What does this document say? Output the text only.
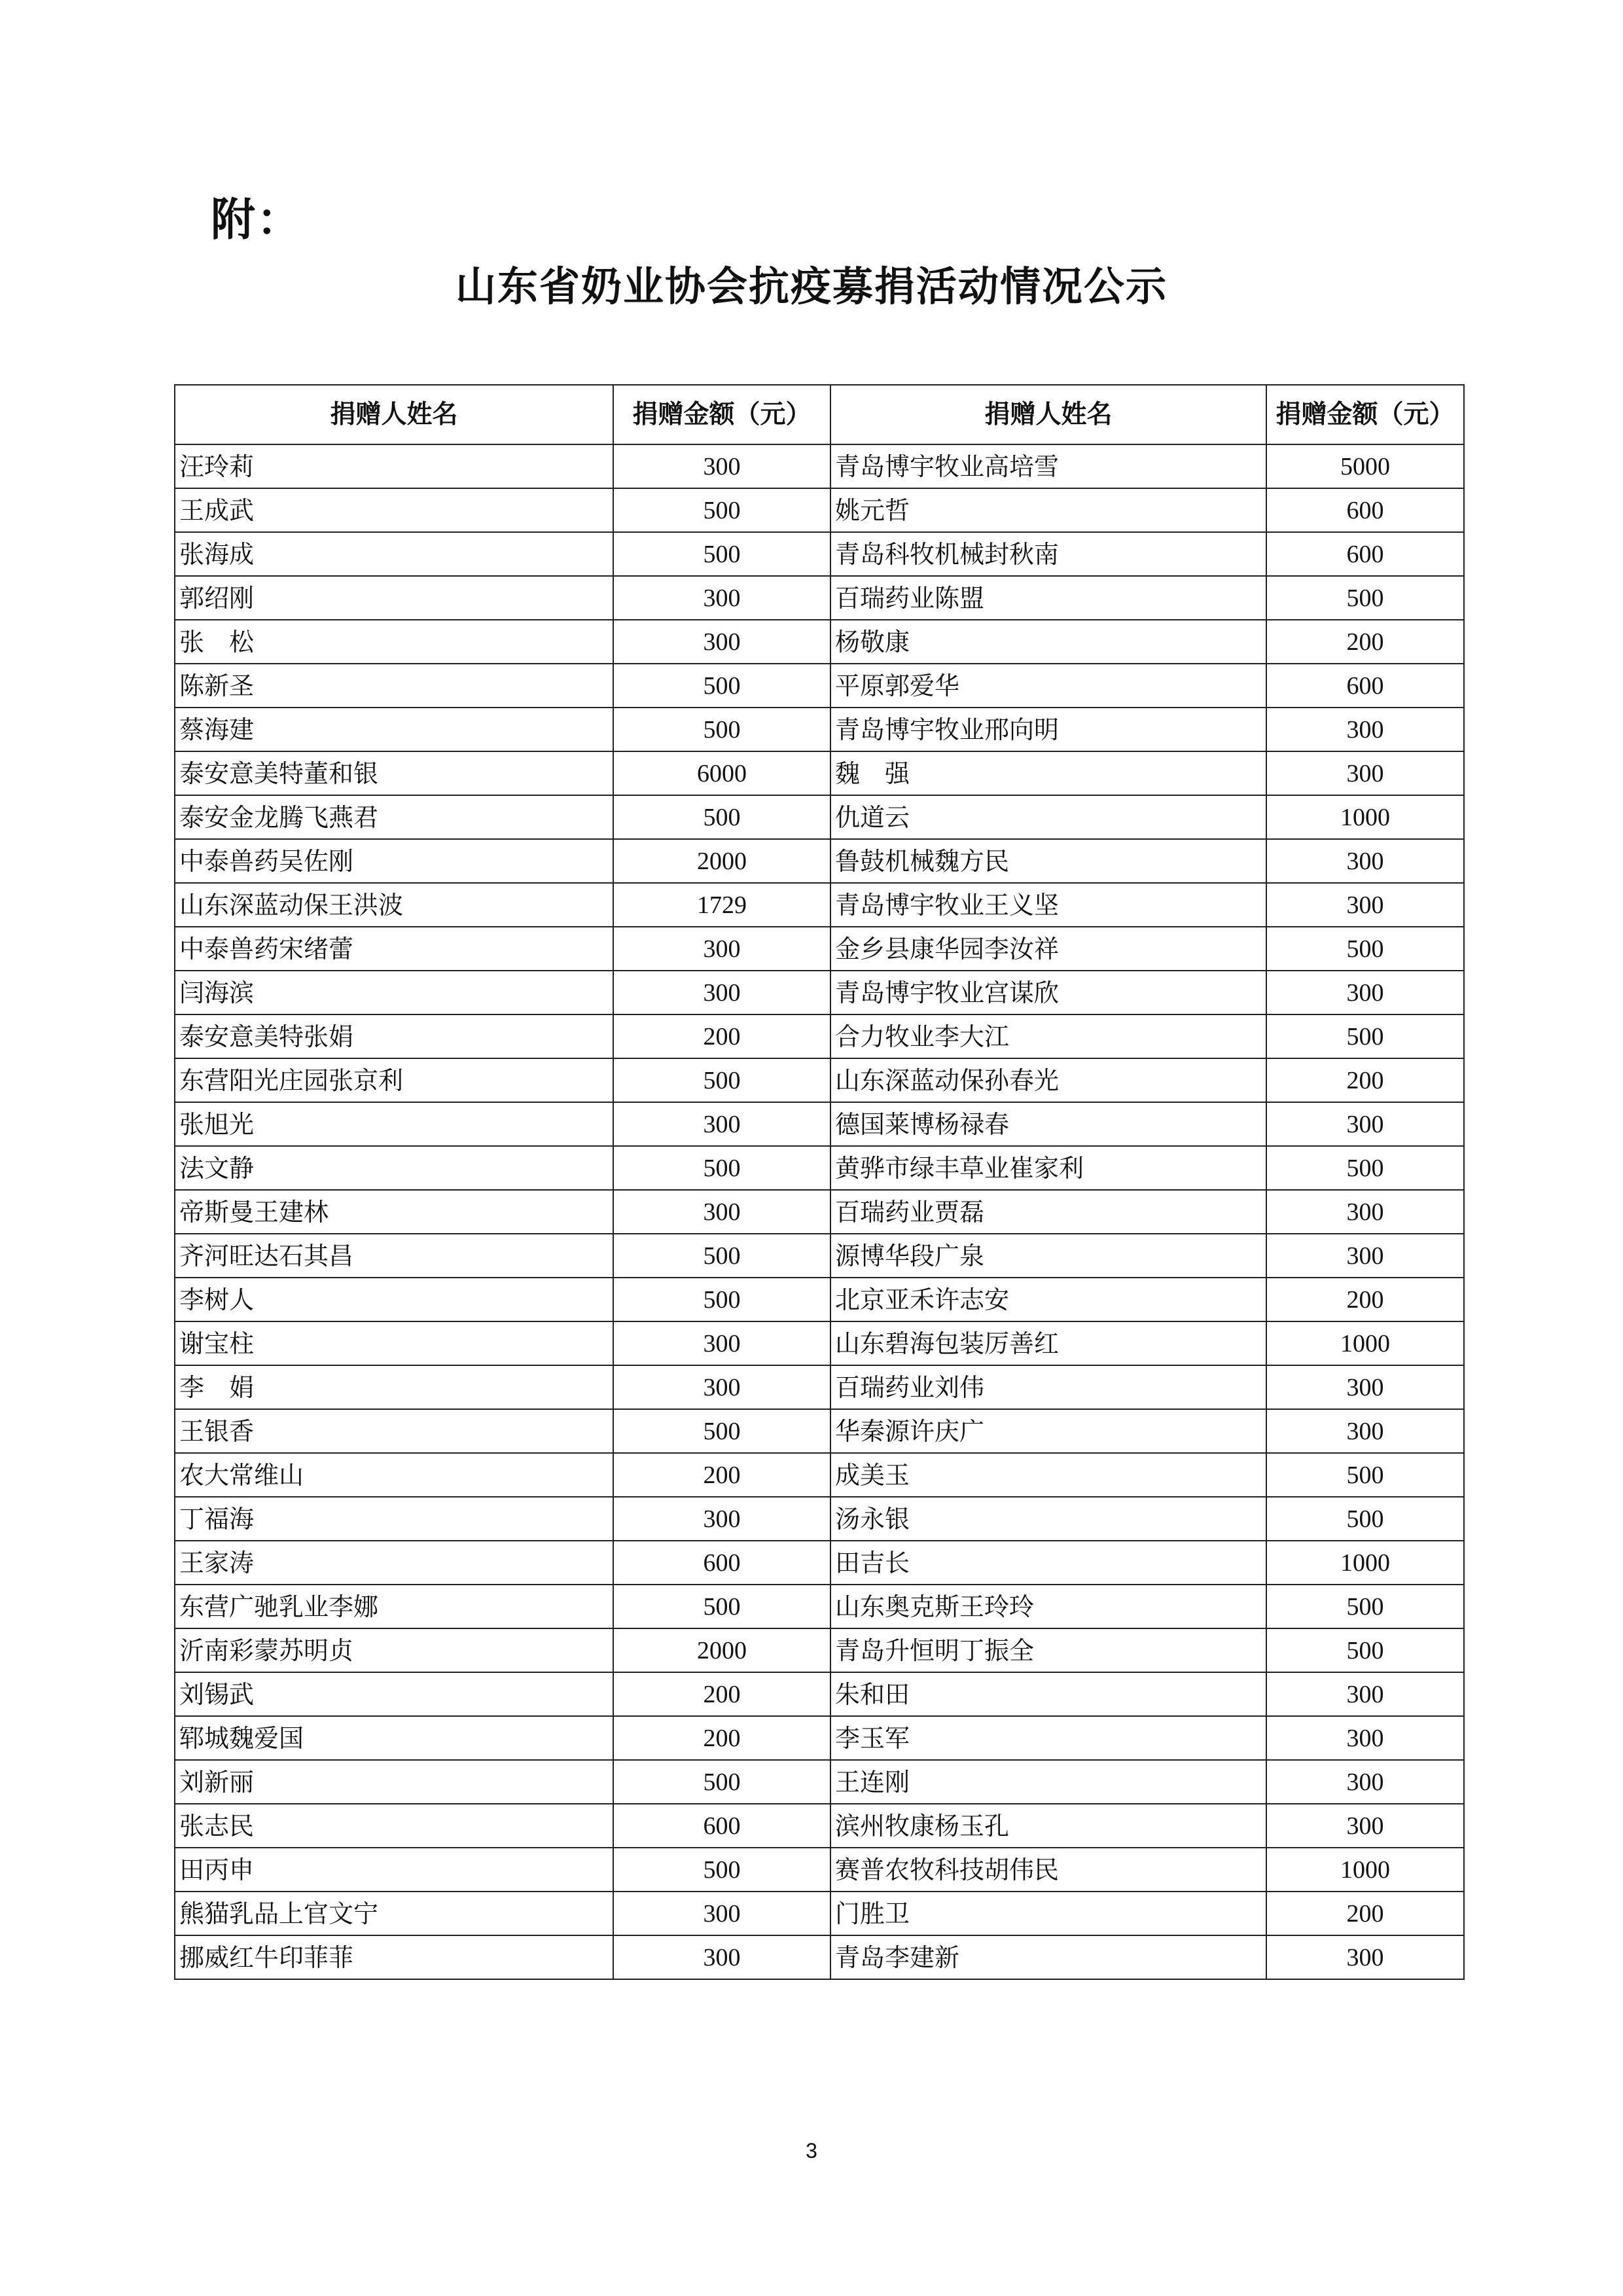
附：
山东省奶业协会抗疫募捐活动情况公示
捐赠人姓名	捐赠金额（元）	捐赠人姓名	捐赠金额（元）
汪玲莉	300	青岛博宇牧业高培雪	5000
王成武	500	姚元哲	600
张海成	500	青岛科牧机械封秋南	600
郭绍刚	300	百瑞药业陈盟	500
张　松	300	杨敬康	200
陈新圣	500	平原郭爱华	600
蔡海建	500	青岛博宇牧业邢向明	300
泰安意美特董和银	6000	魏　强	300
泰安金龙腾飞燕君	500	仇道云	1000
中泰兽药吴佐刚	2000	鲁鼓机械魏方民	300
山东深蓝动保王洪波	1729	青岛博宇牧业王义坚	300
中泰兽药宋绪蕾	300	金乡县康华园李汝祥	500
闫海滨	300	青岛博宇牧业宫谋欣	300
泰安意美特张娟	200	合力牧业李大江	500
东营阳光庄园张京利	500	山东深蓝动保孙春光	200
张旭光	300	德国莱博杨禄春	300
法文静	500	黄骅市绿丰草业崔家利	500
帝斯曼王建林	300	百瑞药业贾磊	300
齐河旺达石其昌	500	源博华段广泉	300
李树人	500	北京亚禾许志安	200
谢宝柱	300	山东碧海包装厉善红	1000
李　娟	300	百瑞药业刘伟	300
王银香	500	华秦源许庆广	300
农大常维山	200	成美玉	500
丁福海	300	汤永银	500
王家涛	600	田吉长	1000
东营广驰乳业李娜	500	山东奥克斯王玲玲	500
沂南彩蒙苏明贞	2000	青岛升恒明丁振全	500
刘锡武	200	朱和田	300
郓城魏爱国	200	李玉军	300
刘新丽	500	王连刚	300
张志民	600	滨州牧康杨玉孔	300
田丙申	500	赛普农牧科技胡伟民	1000
熊猫乳品上官文宁	300	门胜卫	200
挪威红牛印菲菲	300	青岛李建新	300
3
